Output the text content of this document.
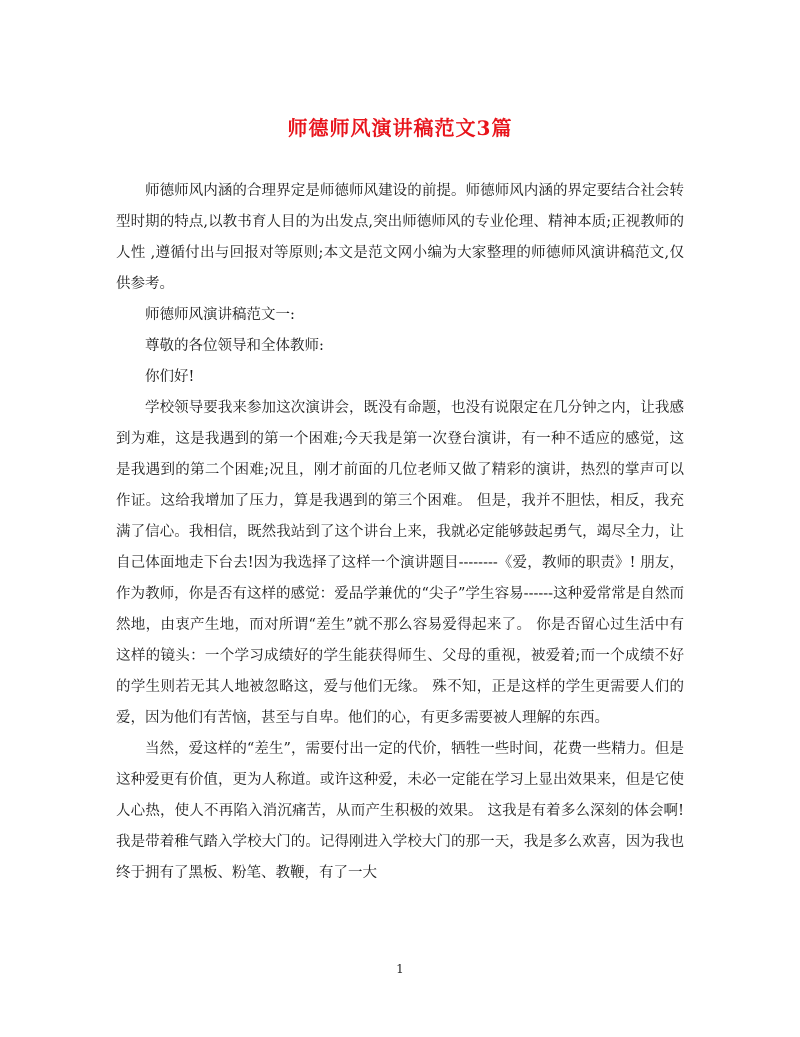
师德师风演讲稿范文3篇

师德师风内涵的合理界定是师德师风建设的前提。师德师风内涵的界定要结合社会转型时期的特点,以教书育人目的为出发点,突出师德师风的专业伦理、精神本质;正视教师的 人性 ,遵循付出与回报对等原则;本文是范文网小编为大家整理的师德师风演讲稿范文,仅供参考。

师德师风演讲稿范文一:

尊敬的各位领导和全体教师:

你们好!

学校领导要我来参加这次演讲会，既没有命题，也没有说限定在几分钟之内，让我感到为难，这是我遇到的第一个困难;今天我是第一次登台演讲，有一种不适应的感觉，这是我遇到的第二个困难;况且，刚才前面的几位老师又做了精彩的演讲，热烈的掌声可以作证。这给我增加了压力，算是我遇到的第三个困难。 但是，我并不胆怯，相反，我充满了信心。我相信，既然我站到了这个讲台上来，我就必定能够鼓起勇气，竭尽全力，让自己体面地走下台去!因为我选择了这样一个演讲题目--------《爱，教师的职责》! 朋友，作为教师，你是否有这样的感觉：爱品学兼优的“尖子”学生容易------这种爱常常是自然而然地，由衷产生地，而对所谓“差生”就不那么容易爱得起来了。 你是否留心过生活中有这样的镜头：一个学习成绩好的学生能获得师生、父母的重视，被爱着;而一个成绩不好的学生则若无其人地被忽略这，爱与他们无缘。 殊不知，正是这样的学生更需要人们的爱，因为他们有苦恼，甚至与自卑。他们的心，有更多需要被人理解的东西。

当然，爱这样的“差生”，需要付出一定的代价，牺牲一些时间，花费一些精力。但是这种爱更有价值，更为人称道。或许这种爱，未必一定能在学习上显出效果来，但是它使人心热，使人不再陷入消沉痛苦，从而产生积极的效果。 这我是有着多么深刻的体会啊! 我是带着稚气踏入学校大门的。记得刚进入学校大门的那一天，我是多么欢喜，因为我也终于拥有了黑板、粉笔、教鞭，有了一大

1
